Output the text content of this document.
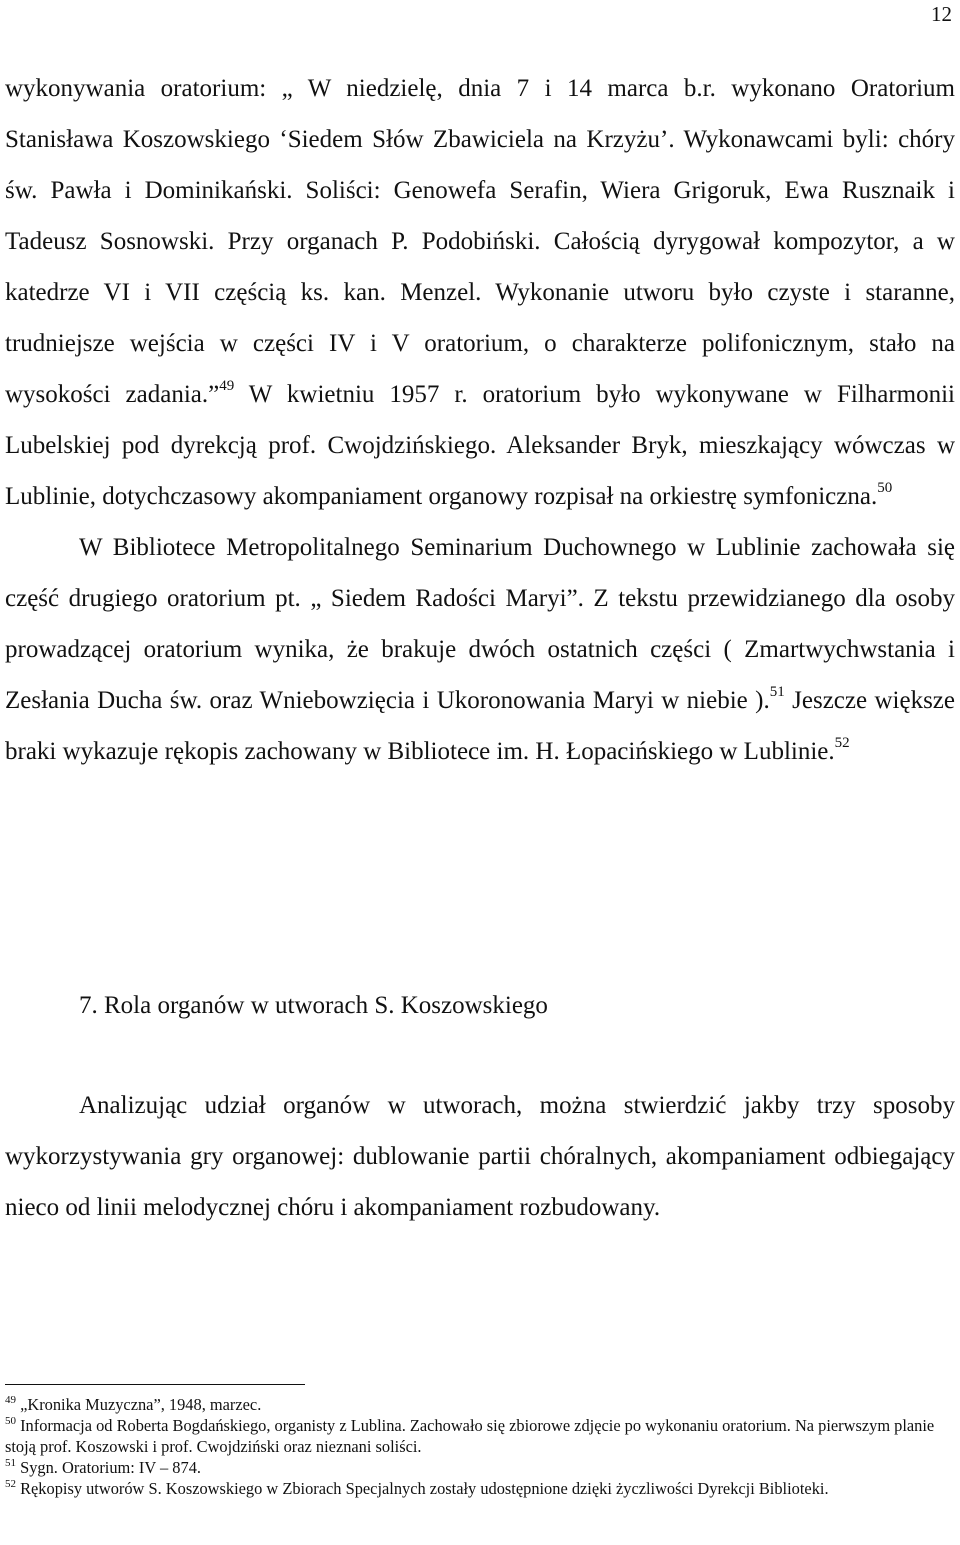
12

wykonywania oratorium: „ W niedzielę, dnia 7 i 14 marca b.r. wykonano Oratorium Stanisława Koszowskiego ‘Siedem Słów Zbawiciela na Krzyżu’. Wykonawcami byli: chóry św. Pawła i Dominikański. Soliści: Genowefa Serafin, Wiera Grigoruk, Ewa Rusznaik i Tadeusz Sosnowski. Przy organach P. Podobiński. Całością dyrygował kompozytor, a w katedrze VI i VII częścią ks. kan. Menzel. Wykonanie utworu było czyste i staranne, trudniejsze wejścia w części IV i V oratorium, o charakterze polifonicznym, stało na wysokości zadania.”$^{49}$ W kwietniu 1957 r. oratorium było wykonywane w Filharmonii Lubelskiej pod dyrekcją prof. Cwojdzińskiego. Aleksander Bryk, mieszkający wówczas w Lublinie, dotychczasowy akompaniament organowy rozpisał na orkiestrę symfoniczna.$^{50}$

W Bibliotece Metropolitalnego Seminarium Duchownego w Lublinie zachowała się część drugiego oratorium pt. „ Siedem Radości Maryi”. Z tekstu przewidzianego dla osoby prowadzącej oratorium wynika, że brakuje dwóch ostatnich części ( Zmartwychwstania i Zesłania Ducha św. oraz Wniebowzięcia i Ukoronowania Maryi w niebie ).$^{51}$ Jeszcze większe braki wykazuje rękopis zachowany w Bibliotece im. H. Łopacińskiego w Lublinie.$^{52}$

7. Rola organów w utworach S. Koszowskiego

Analizując udział organów w utworach, można stwierdzić jakby trzy sposoby wykorzystywania gry organowej: dublowanie partii chóralnych, akompaniament odbiegający nieco od linii melodycznej chóru i akompaniament rozbudowany.

$^{49}$ „Kronika Muzyczna”, 1948, marzec.

$^{50}$ Informacja od Roberta Bogdańskiego, organisty z Lublina. Zachowało się zbiorowe zdjęcie po wykonaniu oratorium. Na pierwszym planie stoją prof. Koszowski i prof. Cwojdziński oraz nieznani soliści.

$^{51}$ Sygn. Oratorium: IV – 874.

$^{52}$ Rękopisy utworów S. Koszowskiego w Zbiorach Specjalnych zostały udostępnione dzięki życzliwości Dyrekcji Biblioteki.
